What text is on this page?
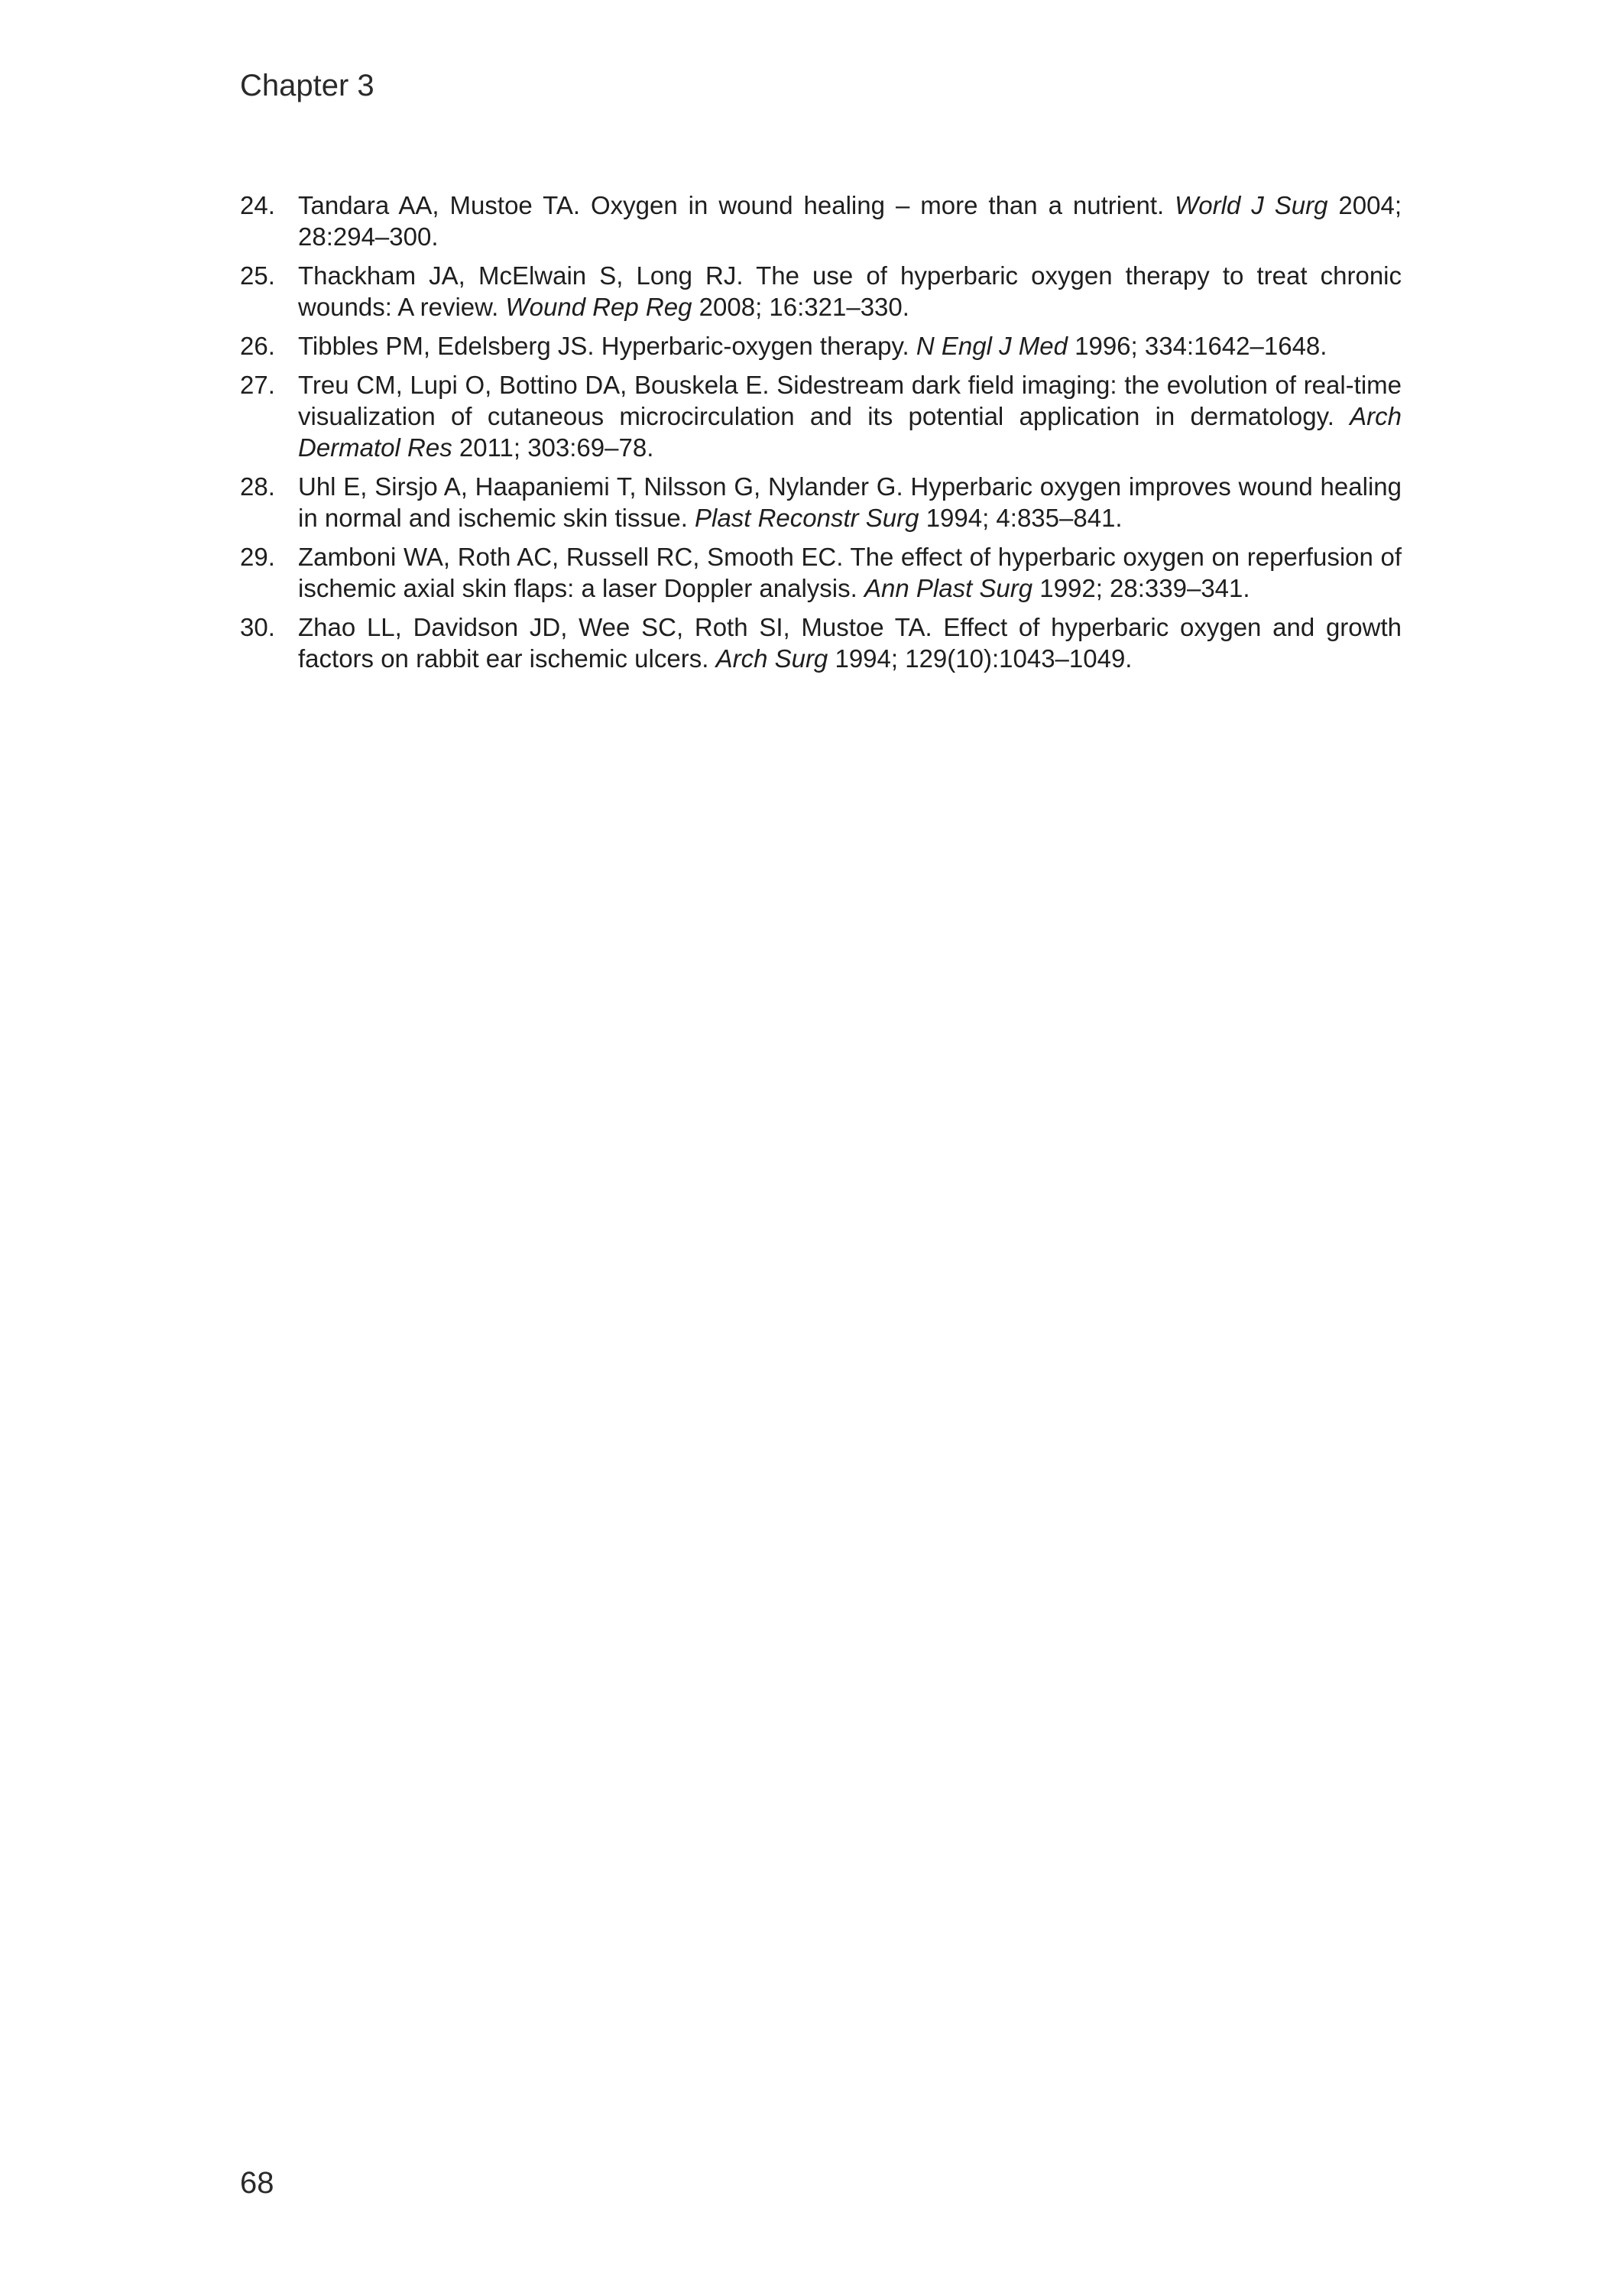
Chapter 3
24. Tandara AA, Mustoe TA. Oxygen in wound healing – more than a nutrient. World J Surg 2004; 28:294–300.
25. Thackham JA, McElwain S, Long RJ. The use of hyperbaric oxygen therapy to treat chronic wounds: A review. Wound Rep Reg 2008; 16:321–330.
26. Tibbles PM, Edelsberg JS. Hyperbaric-oxygen therapy. N Engl J Med 1996; 334:1642–1648.
27. Treu CM, Lupi O, Bottino DA, Bouskela E. Sidestream dark field imaging: the evolution of real-time visualization of cutaneous microcirculation and its potential application in dermatology. Arch Dermatol Res 2011; 303:69–78.
28. Uhl E, Sirsjo A, Haapaniemi T, Nilsson G, Nylander G. Hyperbaric oxygen improves wound healing in normal and ischemic skin tissue. Plast Reconstr Surg 1994; 4:835–841.
29. Zamboni WA, Roth AC, Russell RC, Smooth EC. The effect of hyperbaric oxygen on reperfusion of ischemic axial skin flaps: a laser Doppler analysis. Ann Plast Surg 1992; 28:339–341.
30. Zhao LL, Davidson JD, Wee SC, Roth SI, Mustoe TA. Effect of hyperbaric oxygen and growth factors on rabbit ear ischemic ulcers. Arch Surg 1994; 129(10):1043–1049.
68
